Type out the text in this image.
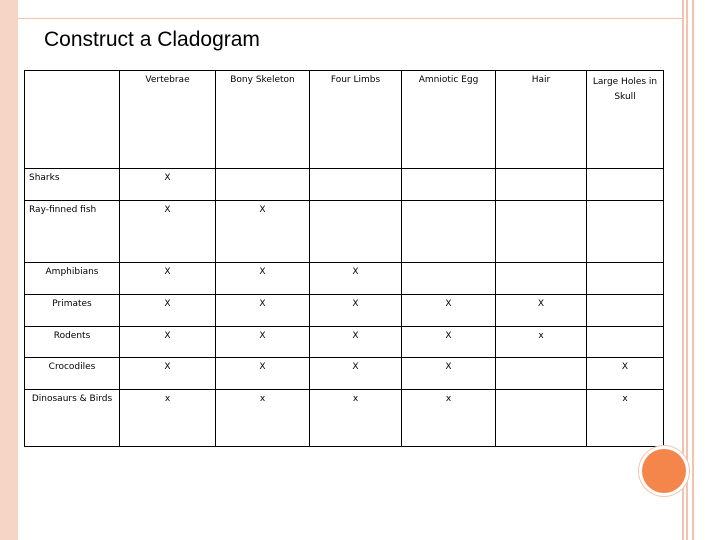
Construct a Cladogram
	Vertebrae	Bony Skeleton	Four Limbs	Amniotic Egg	Hair	Large Holes in Skull
Sharks	X					
Ray-finned fish	X	X				
Amphibians	X	X	X			
Primates	X	X	X	X	X	
Rodents	X	X	X	X	x	
Crocodiles	X	X	X	X		X
Dinosaurs & Birds	x	x	x	x		x
